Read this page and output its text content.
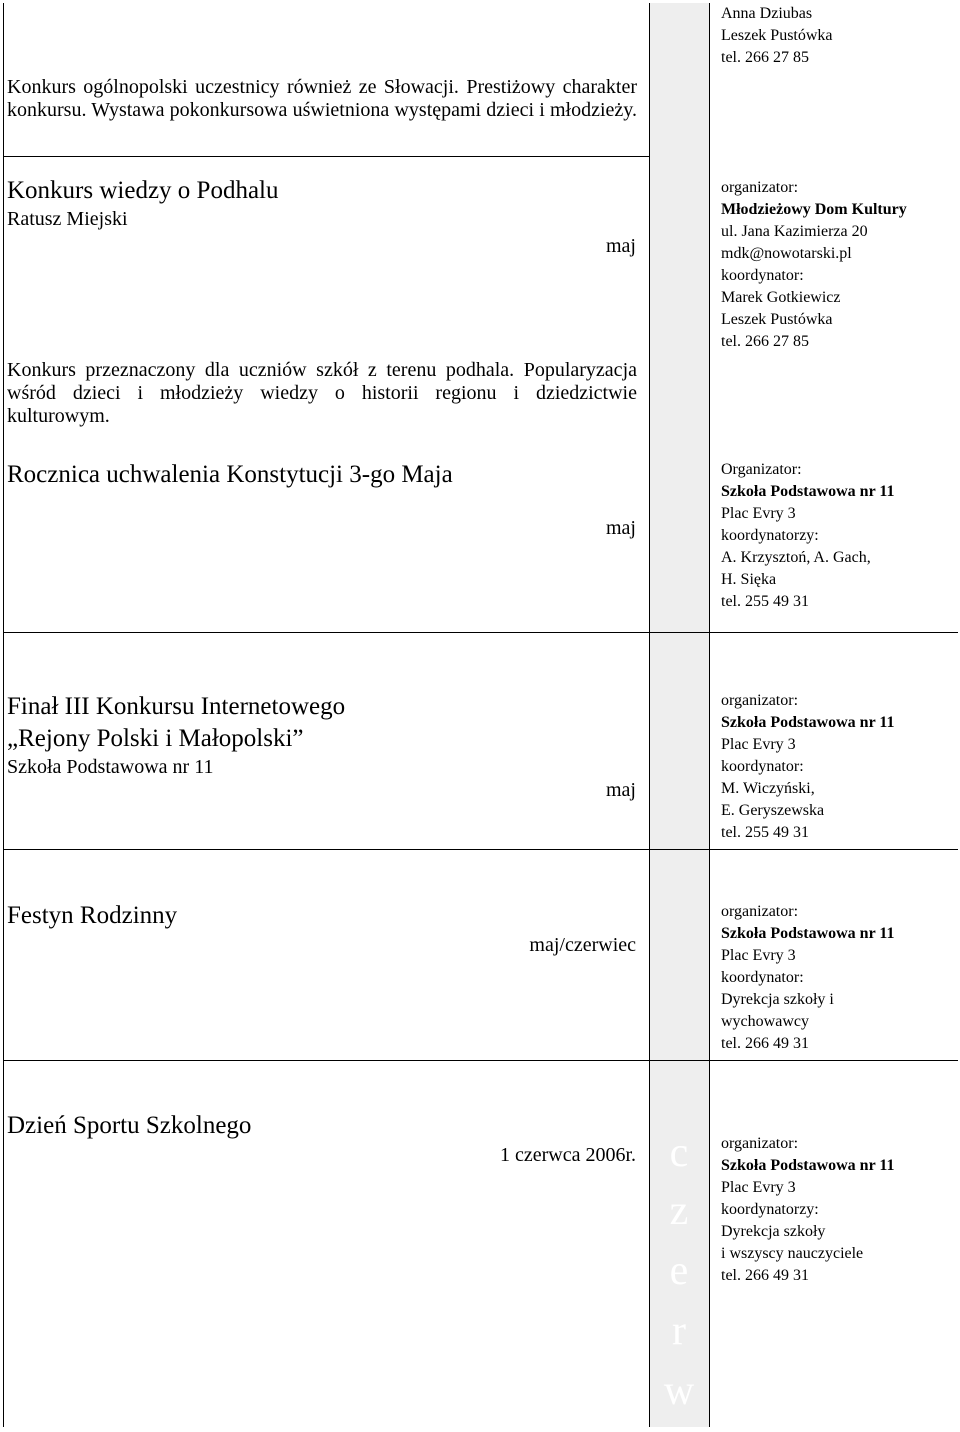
Konkurs ogólnopolski uczestnicy również ze Słowacji. Prestiżowy charakter konkursu. Wystawa pokonkursowa uświetniona występami dzieci i młodzieży.
Anna Dziubas
Leszek Pustówka
tel. 266 27 85
Konkurs wiedzy o Podhalu
Ratusz Miejski
Konkurs przeznaczony dla uczniów szkół z terenu podhala. Popularyzacja wśród dzieci i młodzieży wiedzy o historii regionu i dziedzictwie kulturowym.
maj
organizator:
Młodzieżowy Dom Kultury
ul. Jana Kazimierza 20
mdk@nowotarski.pl
koordynator:
Marek Gotkiewicz
Leszek Pustówka
tel. 266 27 85
Rocznica uchwalenia Konstytucji 3-go Maja
maj
Organizator:
Szkoła Podstawowa nr 11
Plac Evry 3
koordynatorzy:
A. Krzysztoń, A. Gach,
H. Sięka
tel. 255 49 31
Finał III Konkursu Internetowego
„Rejony Polski i Małopolski”
Szkoła Podstawowa nr 11
maj
organizator:
Szkoła Podstawowa nr 11
Plac Evry 3
koordynator:
M. Wiczyński,
E. Geryszewska
tel. 255 49 31
Festyn Rodzinny
maj/czerwiec
organizator:
Szkoła Podstawowa nr 11
Plac Evry 3
koordynator:
Dyrekcja szkoły i
wychowawcy
tel. 266 49 31
Dzień Sportu Szkolnego
1 czerwca 2006r.
organizator:
Szkoła Podstawowa nr 11
Plac Evry 3
koordynatorzy:
Dyrekcja szkoły
i wszyscy nauczyciele
tel. 266 49 31
c
z
e
r
w
